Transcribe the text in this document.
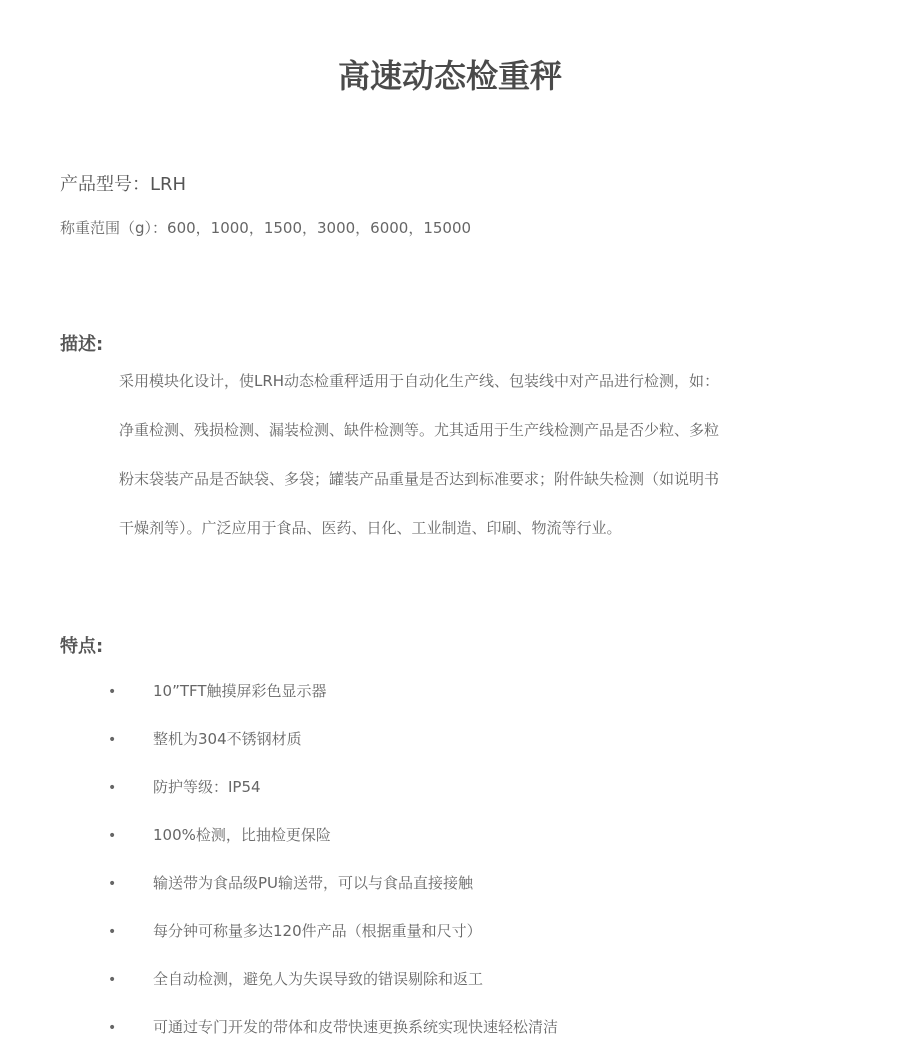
高速动态检重秤
产品型号：LRH
称重范围（g）：600，1000，1500，3000，6000，15000
描述:
采用模块化设计，使LRH动态检重秤适用于自动化生产线、包装线中对产品进行检测，如：
净重检测、残损检测、漏装检测、缺件检测等。尤其适用于生产线检测产品是否少粒、多粒
粉末袋装产品是否缺袋、多袋；罐装产品重量是否达到标准要求；附件缺失检测（如说明书
干燥剂等）。广泛应用于食品、医药、日化、工业制造、印刷、物流等行业。
特点:
• 10”TFT触摸屏彩色显示器
• 整机为304不锈钢材质
• 防护等级：IP54
• 100%检测，比抽检更保险
• 输送带为食品级PU输送带，可以与食品直接接触
• 每分钟可称量多达120件产品（根据重量和尺寸）
• 全自动检测，避免人为失误导致的错误剔除和返工
• 可通过专门开发的带体和皮带快速更换系统实现快速轻松清洁
